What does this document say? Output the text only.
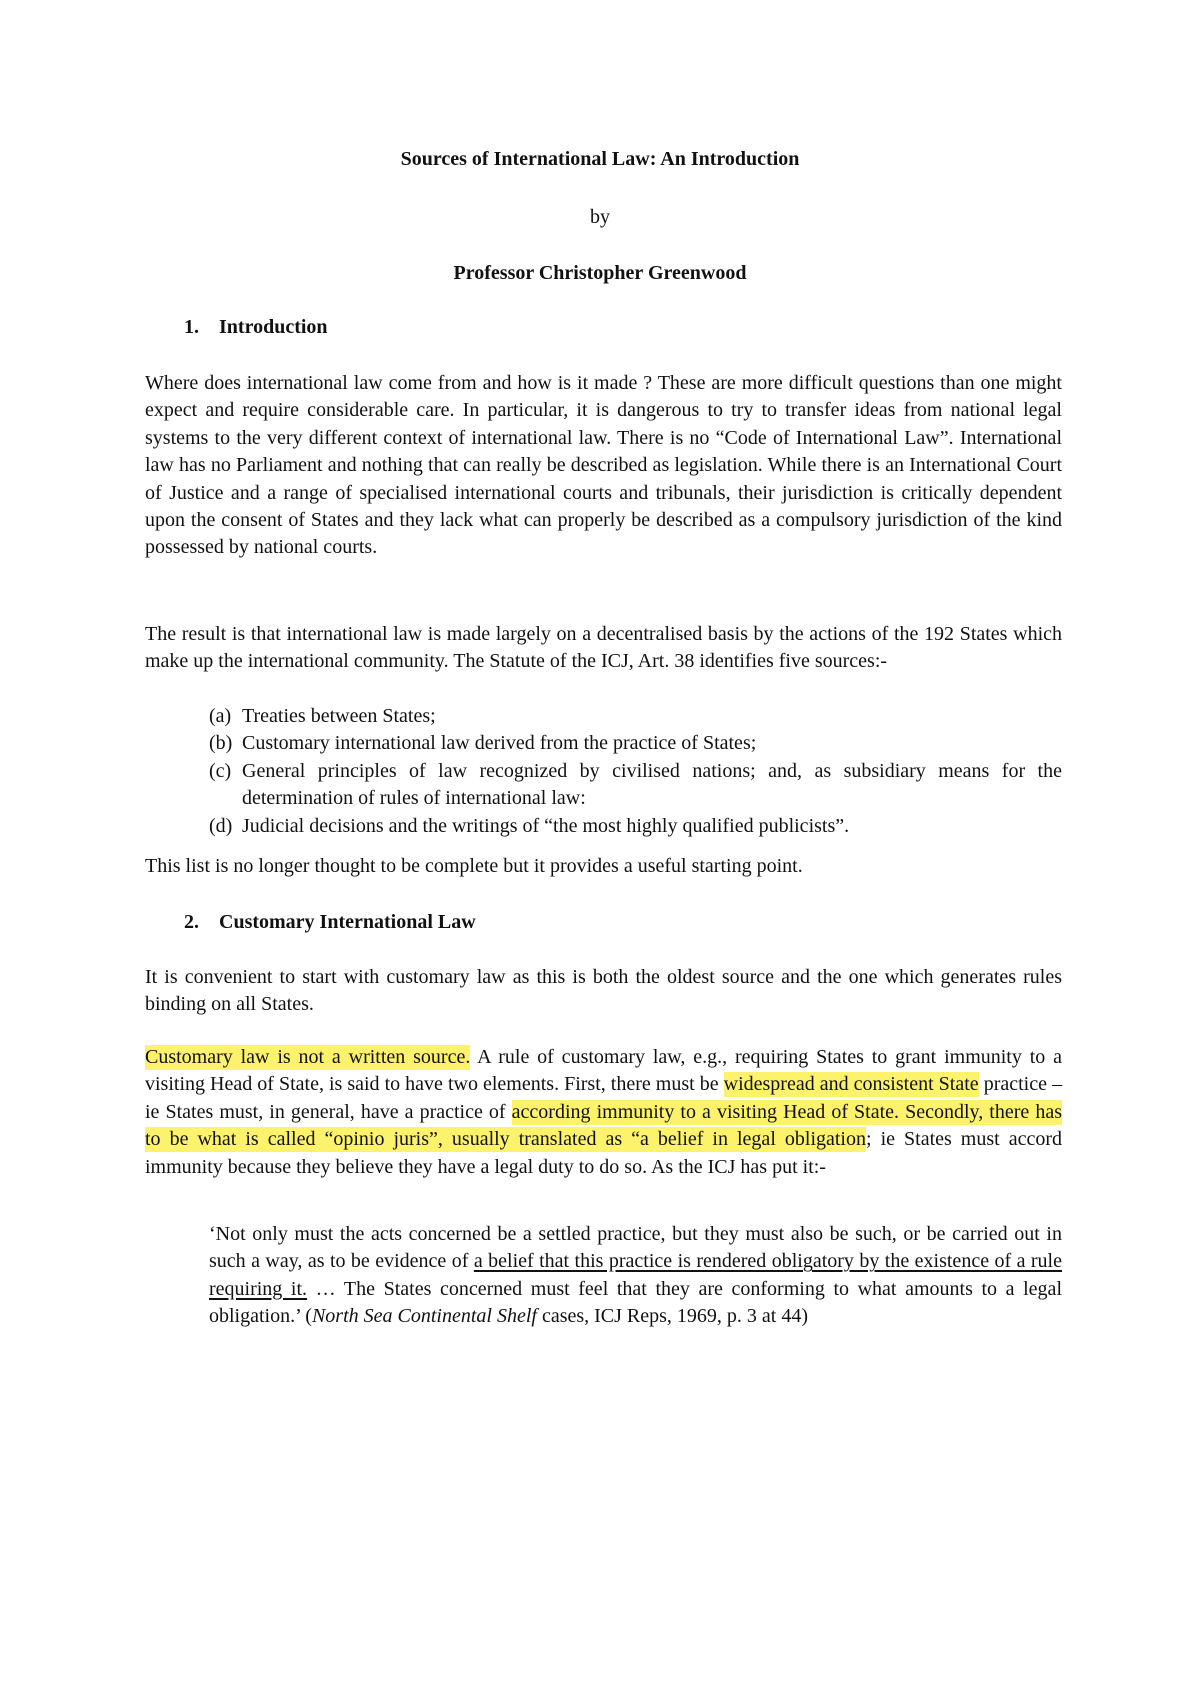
Sources of International Law: An Introduction
by
Professor Christopher Greenwood
1. Introduction

Where does international law come from and how is it made ? These are more difficult questions than one might expect and require considerable care. In particular, it is dangerous to try to transfer ideas from national legal systems to the very different context of international law. There is no “Code of International Law”. International law has no Parliament and nothing that can really be described as legislation. While there is an International Court of Justice and a range of specialised international courts and tribunals, their jurisdiction is critically dependent upon the consent of States and they lack what can properly be described as a compulsory jurisdiction of the kind possessed by national courts.

The result is that international law is made largely on a decentralised basis by the actions of the 192 States which make up the international community. The Statute of the ICJ, Art. 38 identifies five sources:-

(a) Treaties between States;
(b) Customary international law derived from the practice of States;
(c) General principles of law recognized by civilised nations; and, as subsidiary means for the determination of rules of international law:
(d) Judicial decisions and the writings of “the most highly qualified publicists”.

This list is no longer thought to be complete but it provides a useful starting point.

2. Customary International Law

It is convenient to start with customary law as this is both the oldest source and the one which generates rules binding on all States.

Customary law is not a written source. A rule of customary law, e.g., requiring States to grant immunity to a visiting Head of State, is said to have two elements. First, there must be widespread and consistent State practice – ie States must, in general, have a practice of according immunity to a visiting Head of State. Secondly, there has to be what is called “opinio juris”, usually translated as “a belief in legal obligation; ie States must accord immunity because they believe they have a legal duty to do so. As the ICJ has put it:-

‘Not only must the acts concerned be a settled practice, but they must also be such, or be carried out in such a way, as to be evidence of a belief that this practice is rendered obligatory by the existence of a rule requiring it. … The States concerned must feel that they are conforming to what amounts to a legal obligation.’ (North Sea Continental Shelf cases, ICJ Reps, 1969, p. 3 at 44)
